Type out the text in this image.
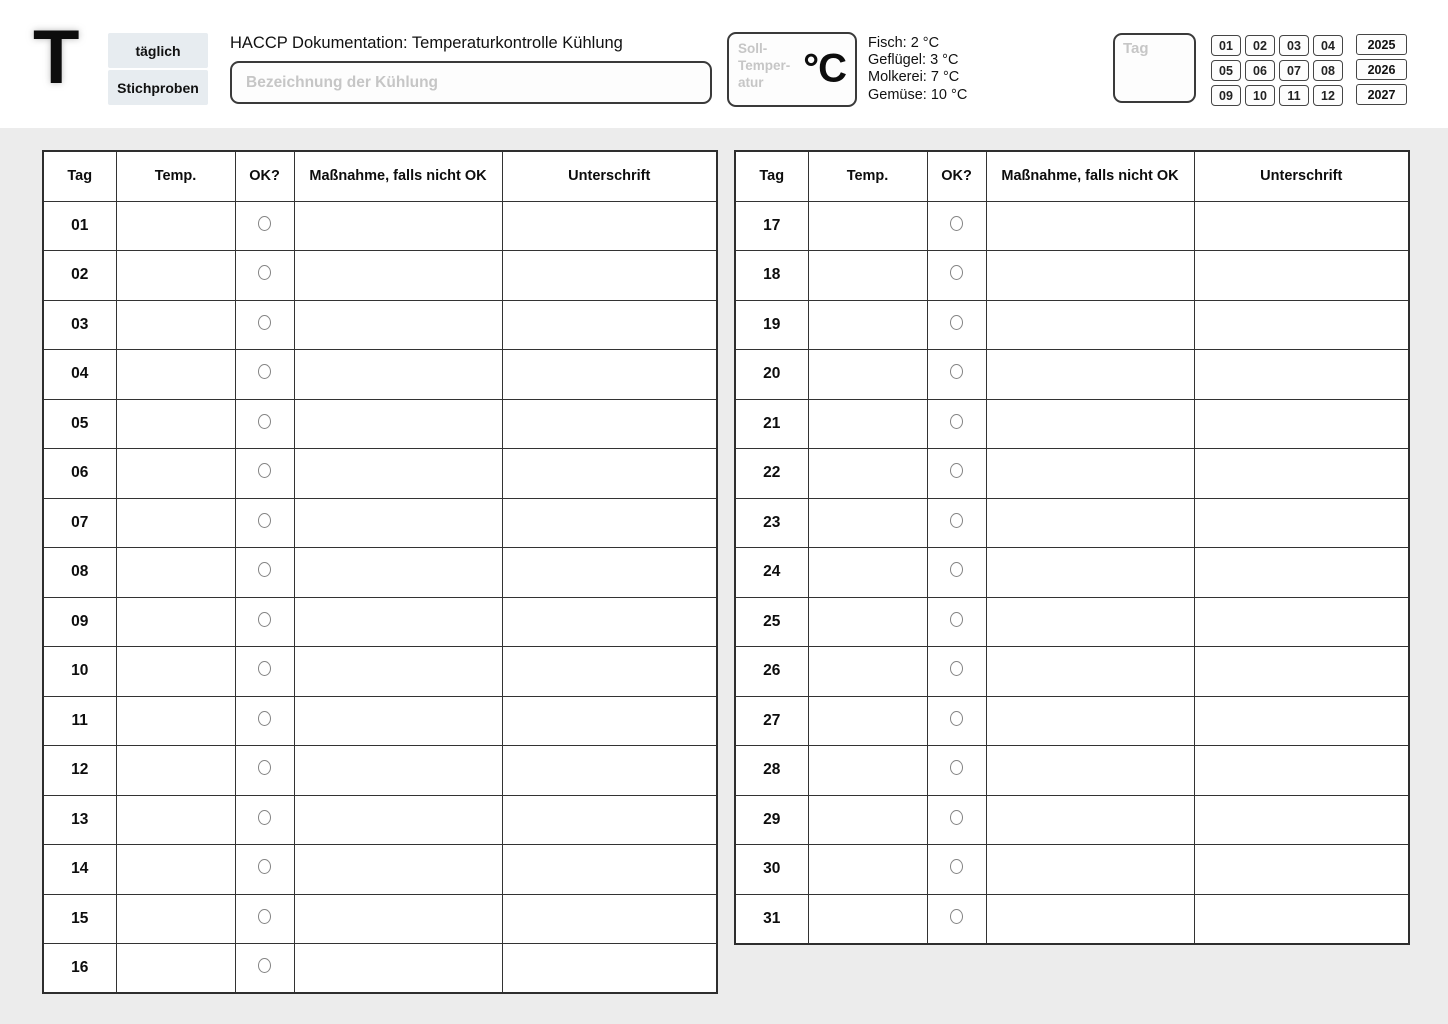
T	täglich
Stichproben
HACCP Dokumentation: Temperaturkontrolle Kühlung
Bezeichnung der Kühlung	Soll-
Temper-
atur °C
Fisch: 2 °C
Geflügel: 3 °C
Molkerei: 7 °C
Gemüse: 10 °C
Tag
01	02	03	04
05	06	07	08
09	10	11	12
2025
2026
2027
Tag	Temp.	OK?	Maßnahme, falls nicht OK	Unterschrift
01				
02				
03				
04				
05				
06				
07				
08				
09				
10				
11				
12				
13				
14				
15				
16				
Tag	Temp.	OK?	Maßnahme, falls nicht OK	Unterschrift
17				
18				
19				
20				
21				
22				
23				
24				
25				
26				
27				
28				
29				
30				
31				
